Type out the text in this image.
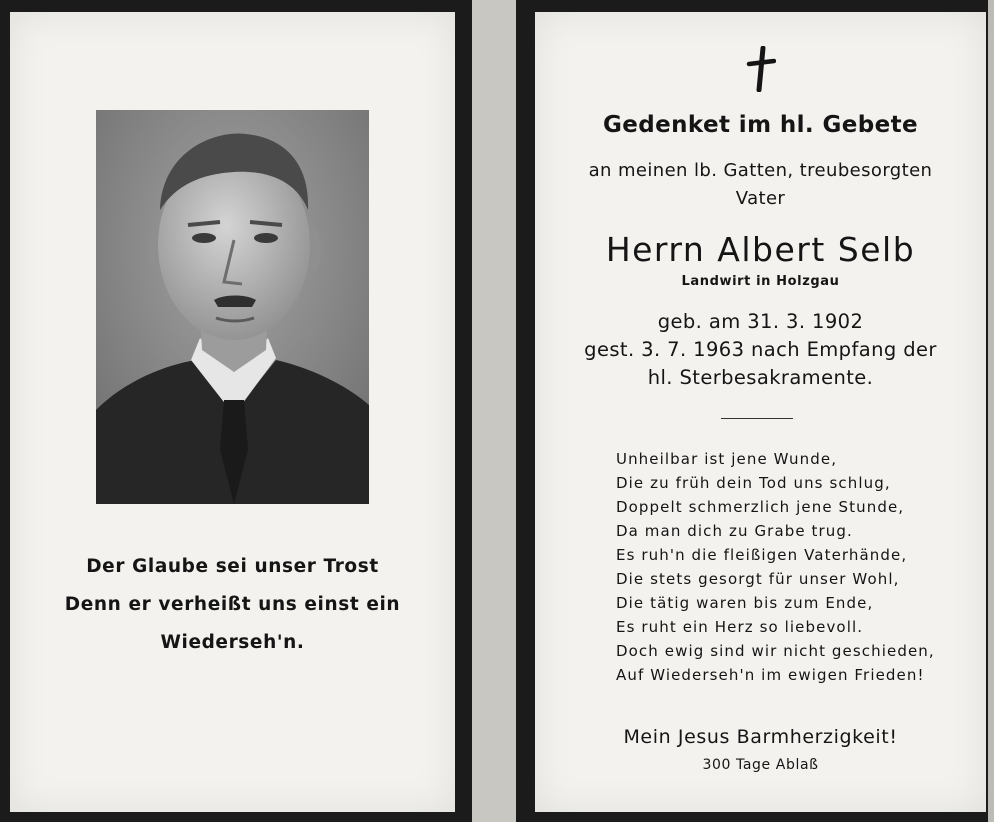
Der Glaube sei unser Trost
Denn er verheißt uns einst ein
Wiederseh'n.
Gedenket im hl. Gebete
an meinen lb. Gatten, treubesorgten
Vater
Herrn Albert Selb
Landwirt in Holzgau
geb. am 31. 3. 1902
gest. 3. 7. 1963 nach Empfang der
hl. Sterbesakramente.
Unheilbar ist jene Wunde,
Die zu früh dein Tod uns schlug,
Doppelt schmerzlich jene Stunde,
Da man dich zu Grabe trug.
Es ruh'n die fleißigen Vaterhände,
Die stets gesorgt für unser Wohl,
Die tätig waren bis zum Ende,
Es ruht ein Herz so liebevoll.
Doch ewig sind wir nicht geschieden,
Auf Wiederseh'n im ewigen Frieden!
Mein Jesus Barmherzigkeit!
300 Tage Ablaß
